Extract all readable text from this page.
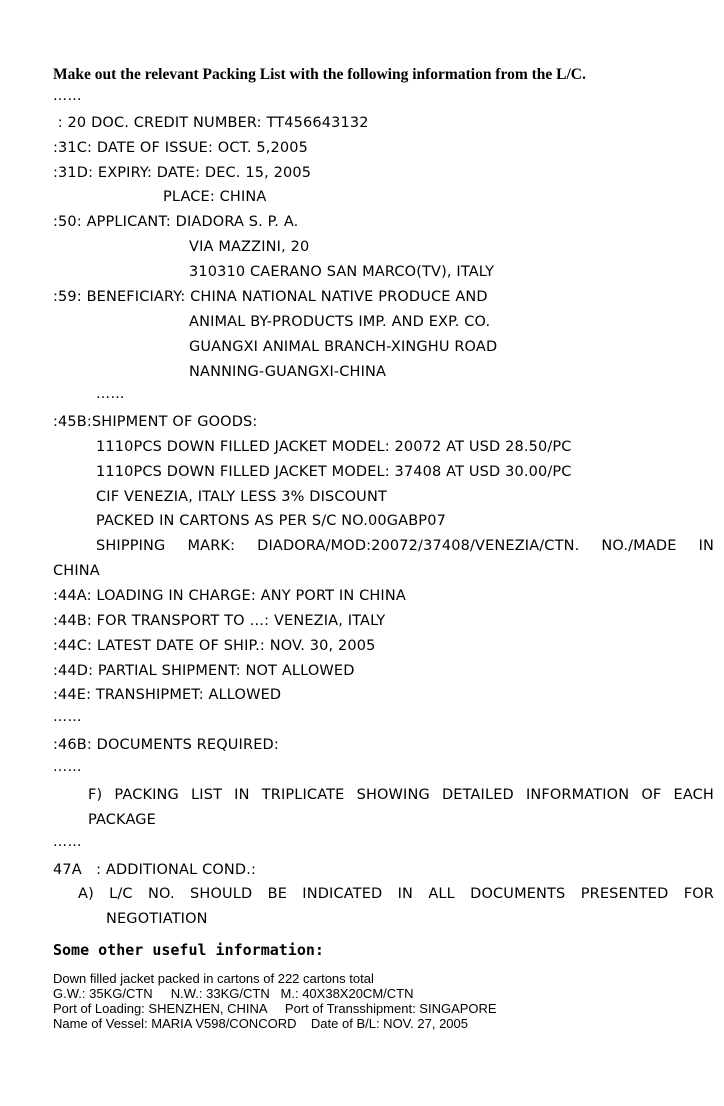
Make out the relevant Packing List with the following information from the L/C.
……
: 20 DOC. CREDIT NUMBER: TT456643132
:31C: DATE OF ISSUE: OCT. 5,2005
:31D: EXPIRY: DATE: DEC. 15, 2005
PLACE: CHINA
:50: APPLICANT: DIADORA S. P. A.
VIA MAZZINI, 20
310310 CAERANO SAN MARCO(TV), ITALY
:59: BENEFICIARY: CHINA NATIONAL NATIVE PRODUCE AND
ANIMAL BY-PRODUCTS IMP. AND EXP. CO.
GUANGXI ANIMAL BRANCH-XINGHU ROAD
NANNING-GUANGXI-CHINA
……
:45B:SHIPMENT OF GOODS:
1110PCS DOWN FILLED JACKET MODEL: 20072 AT USD 28.50/PC
1110PCS DOWN FILLED JACKET MODEL: 37408 AT USD 30.00/PC
CIF VENEZIA, ITALY LESS 3% DISCOUNT
PACKED IN CARTONS AS PER S/C NO.00GABP07
SHIPPING MARK: DIADORA/MOD:20072/37408/VENEZIA/CTN. NO./MADE IN
CHINA
:44A: LOADING IN CHARGE: ANY PORT IN CHINA
:44B: FOR TRANSPORT TO …: VENEZIA, ITALY
:44C: LATEST DATE OF SHIP.: NOV. 30, 2005
:44D: PARTIAL SHIPMENT: NOT ALLOWED
:44E: TRANSHIPMET: ALLOWED
……
:46B: DOCUMENTS REQUIRED:
……
F) PACKING LIST IN TRIPLICATE SHOWING DETAILED INFORMATION OF EACH
PACKAGE
……
47A   : ADDITIONAL COND.:
A) L/C NO. SHOULD BE INDICATED IN ALL DOCUMENTS PRESENTED FOR
NEGOTIATION
Some other useful information:
Down filled jacket packed in cartons of 222 cartons total
G.W.: 35KG/CTN     N.W.: 33KG/CTN   M.: 40X38X20CM/CTN
Port of Loading: SHENZHEN, CHINA     Port of Transshipment: SINGAPORE
Name of Vessel: MARIA V598/CONCORD    Date of B/L: NOV. 27, 2005
